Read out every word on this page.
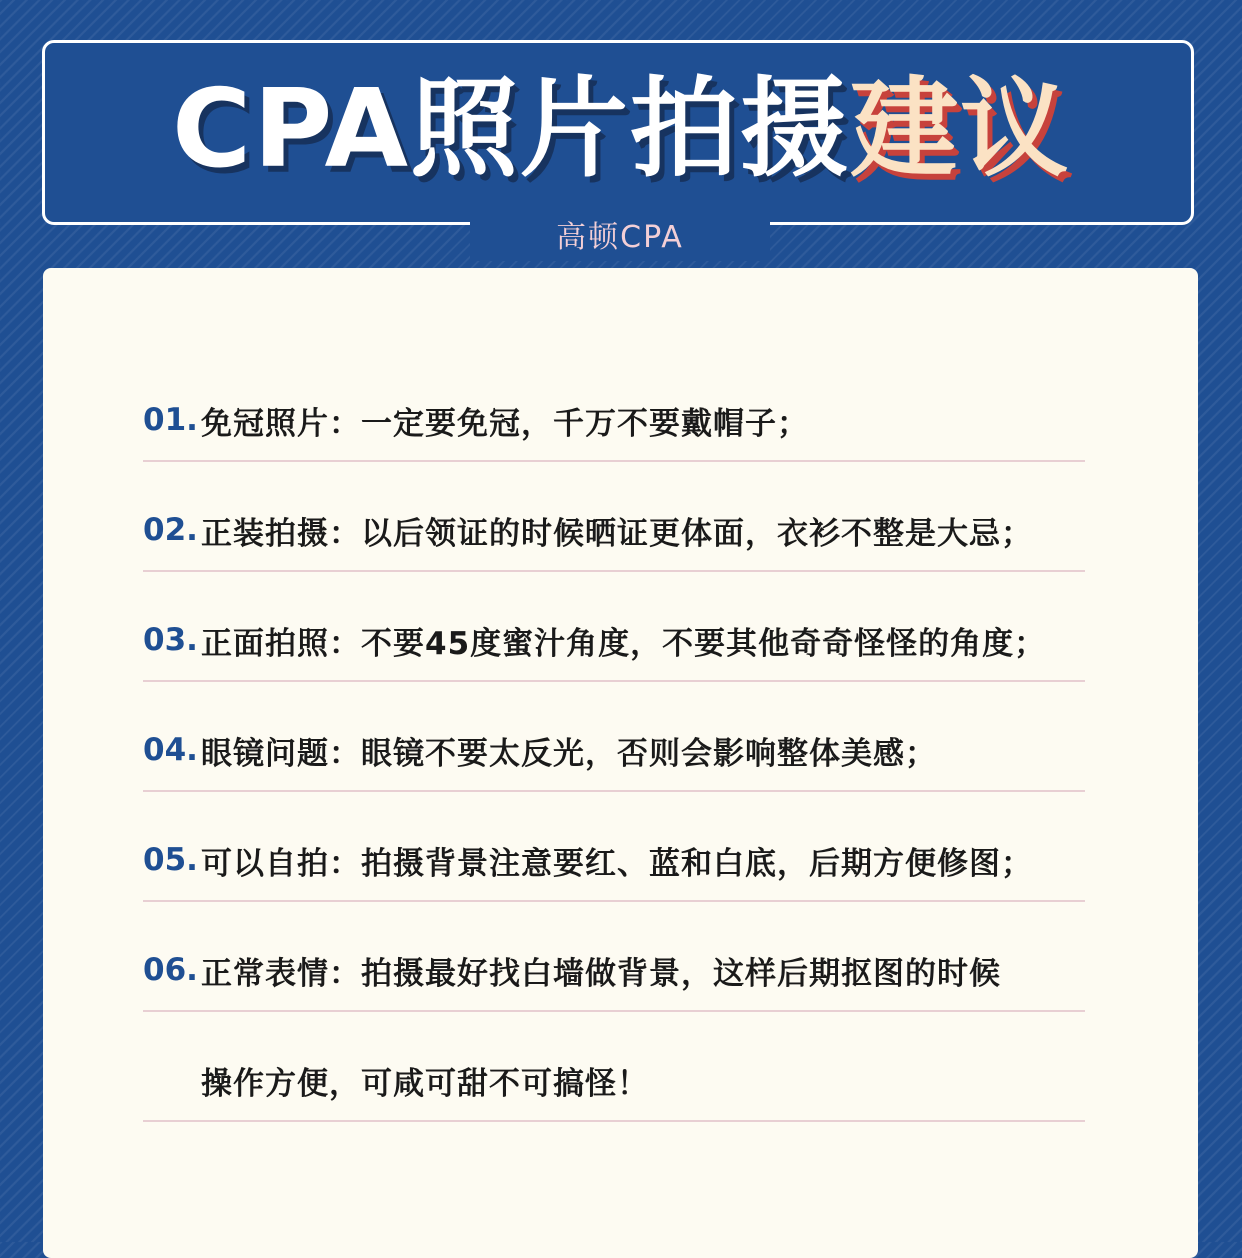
CPA照片拍摄建议
高顿CPA
01. 免冠照片：一定要免冠，千万不要戴帽子；
02. 正装拍摄：以后领证的时候晒证更体面，衣衫不整是大忌；
03. 正面拍照：不要45度蜜汁角度，不要其他奇奇怪怪的角度；
04. 眼镜问题：眼镜不要太反光，否则会影响整体美感；
05. 可以自拍：拍摄背景注意要红、蓝和白底，后期方便修图；
06. 正常表情：拍摄最好找白墙做背景，这样后期抠图的时候
操作方便，可咸可甜不可搞怪！
